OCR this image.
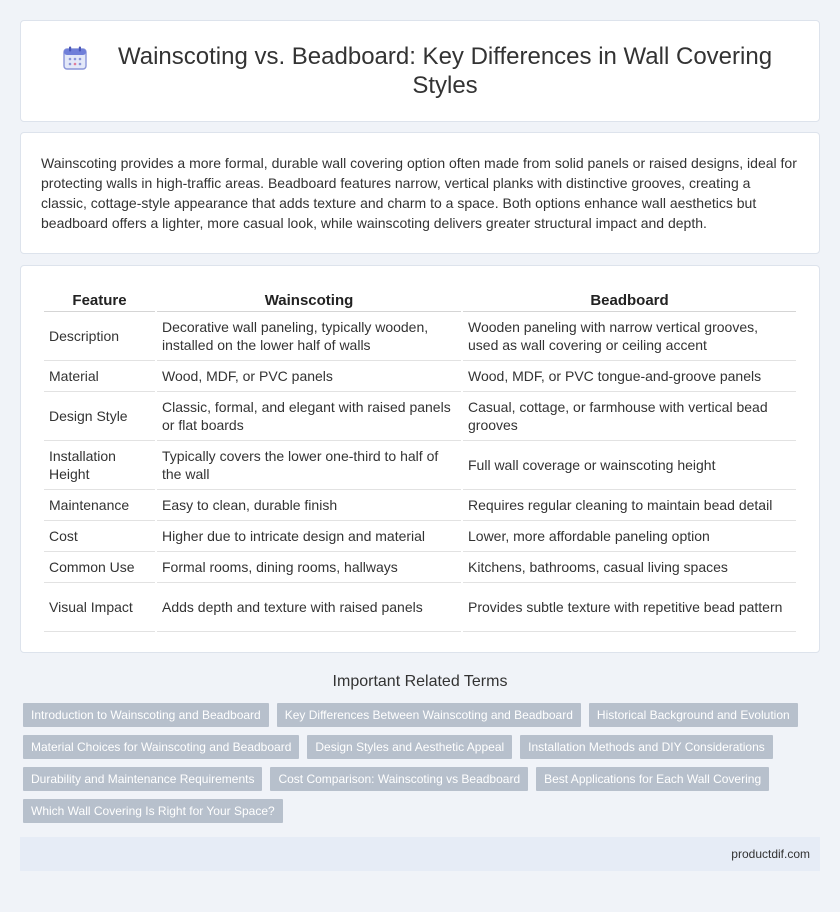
Wainscoting vs. Beadboard: Key Differences in Wall Covering Styles

Wainscoting provides a more formal, durable wall covering option often made from solid panels or raised designs, ideal for protecting walls in high-traffic areas. Beadboard features narrow, vertical planks with distinctive grooves, creating a classic, cottage-style appearance that adds texture and charm to a space. Both options enhance wall aesthetics but beadboard offers a lighter, more casual look, while wainscoting delivers greater structural impact and depth.

Feature	Wainscoting	Beadboard
Description	Decorative wall paneling, typically wooden, installed on the lower half of walls	Wooden paneling with narrow vertical grooves, used as wall covering or ceiling accent
Material	Wood, MDF, or PVC panels	Wood, MDF, or PVC tongue-and-groove panels
Design Style	Classic, formal, and elegant with raised panels or flat boards	Casual, cottage, or farmhouse with vertical bead grooves
Installation Height	Typically covers the lower one-third to half of the wall	Full wall coverage or wainscoting height
Maintenance	Easy to clean, durable finish	Requires regular cleaning to maintain bead detail
Cost	Higher due to intricate design and material	Lower, more affordable paneling option
Common Use	Formal rooms, dining rooms, hallways	Kitchens, bathrooms, casual living spaces
Visual Impact	Adds depth and texture with raised panels	Provides subtle texture with repetitive bead pattern
Important Related Terms
Introduction to Wainscoting and Beadboard	Key Differences Between Wainscoting and Beadboard	Historical Background and Evolution
Material Choices for Wainscoting and Beadboard	Design Styles and Aesthetic Appeal	Installation Methods and DIY Considerations
Durability and Maintenance Requirements	Cost Comparison: Wainscoting vs Beadboard	Best Applications for Each Wall Covering
Which Wall Covering Is Right for Your Space?
productdif.com
